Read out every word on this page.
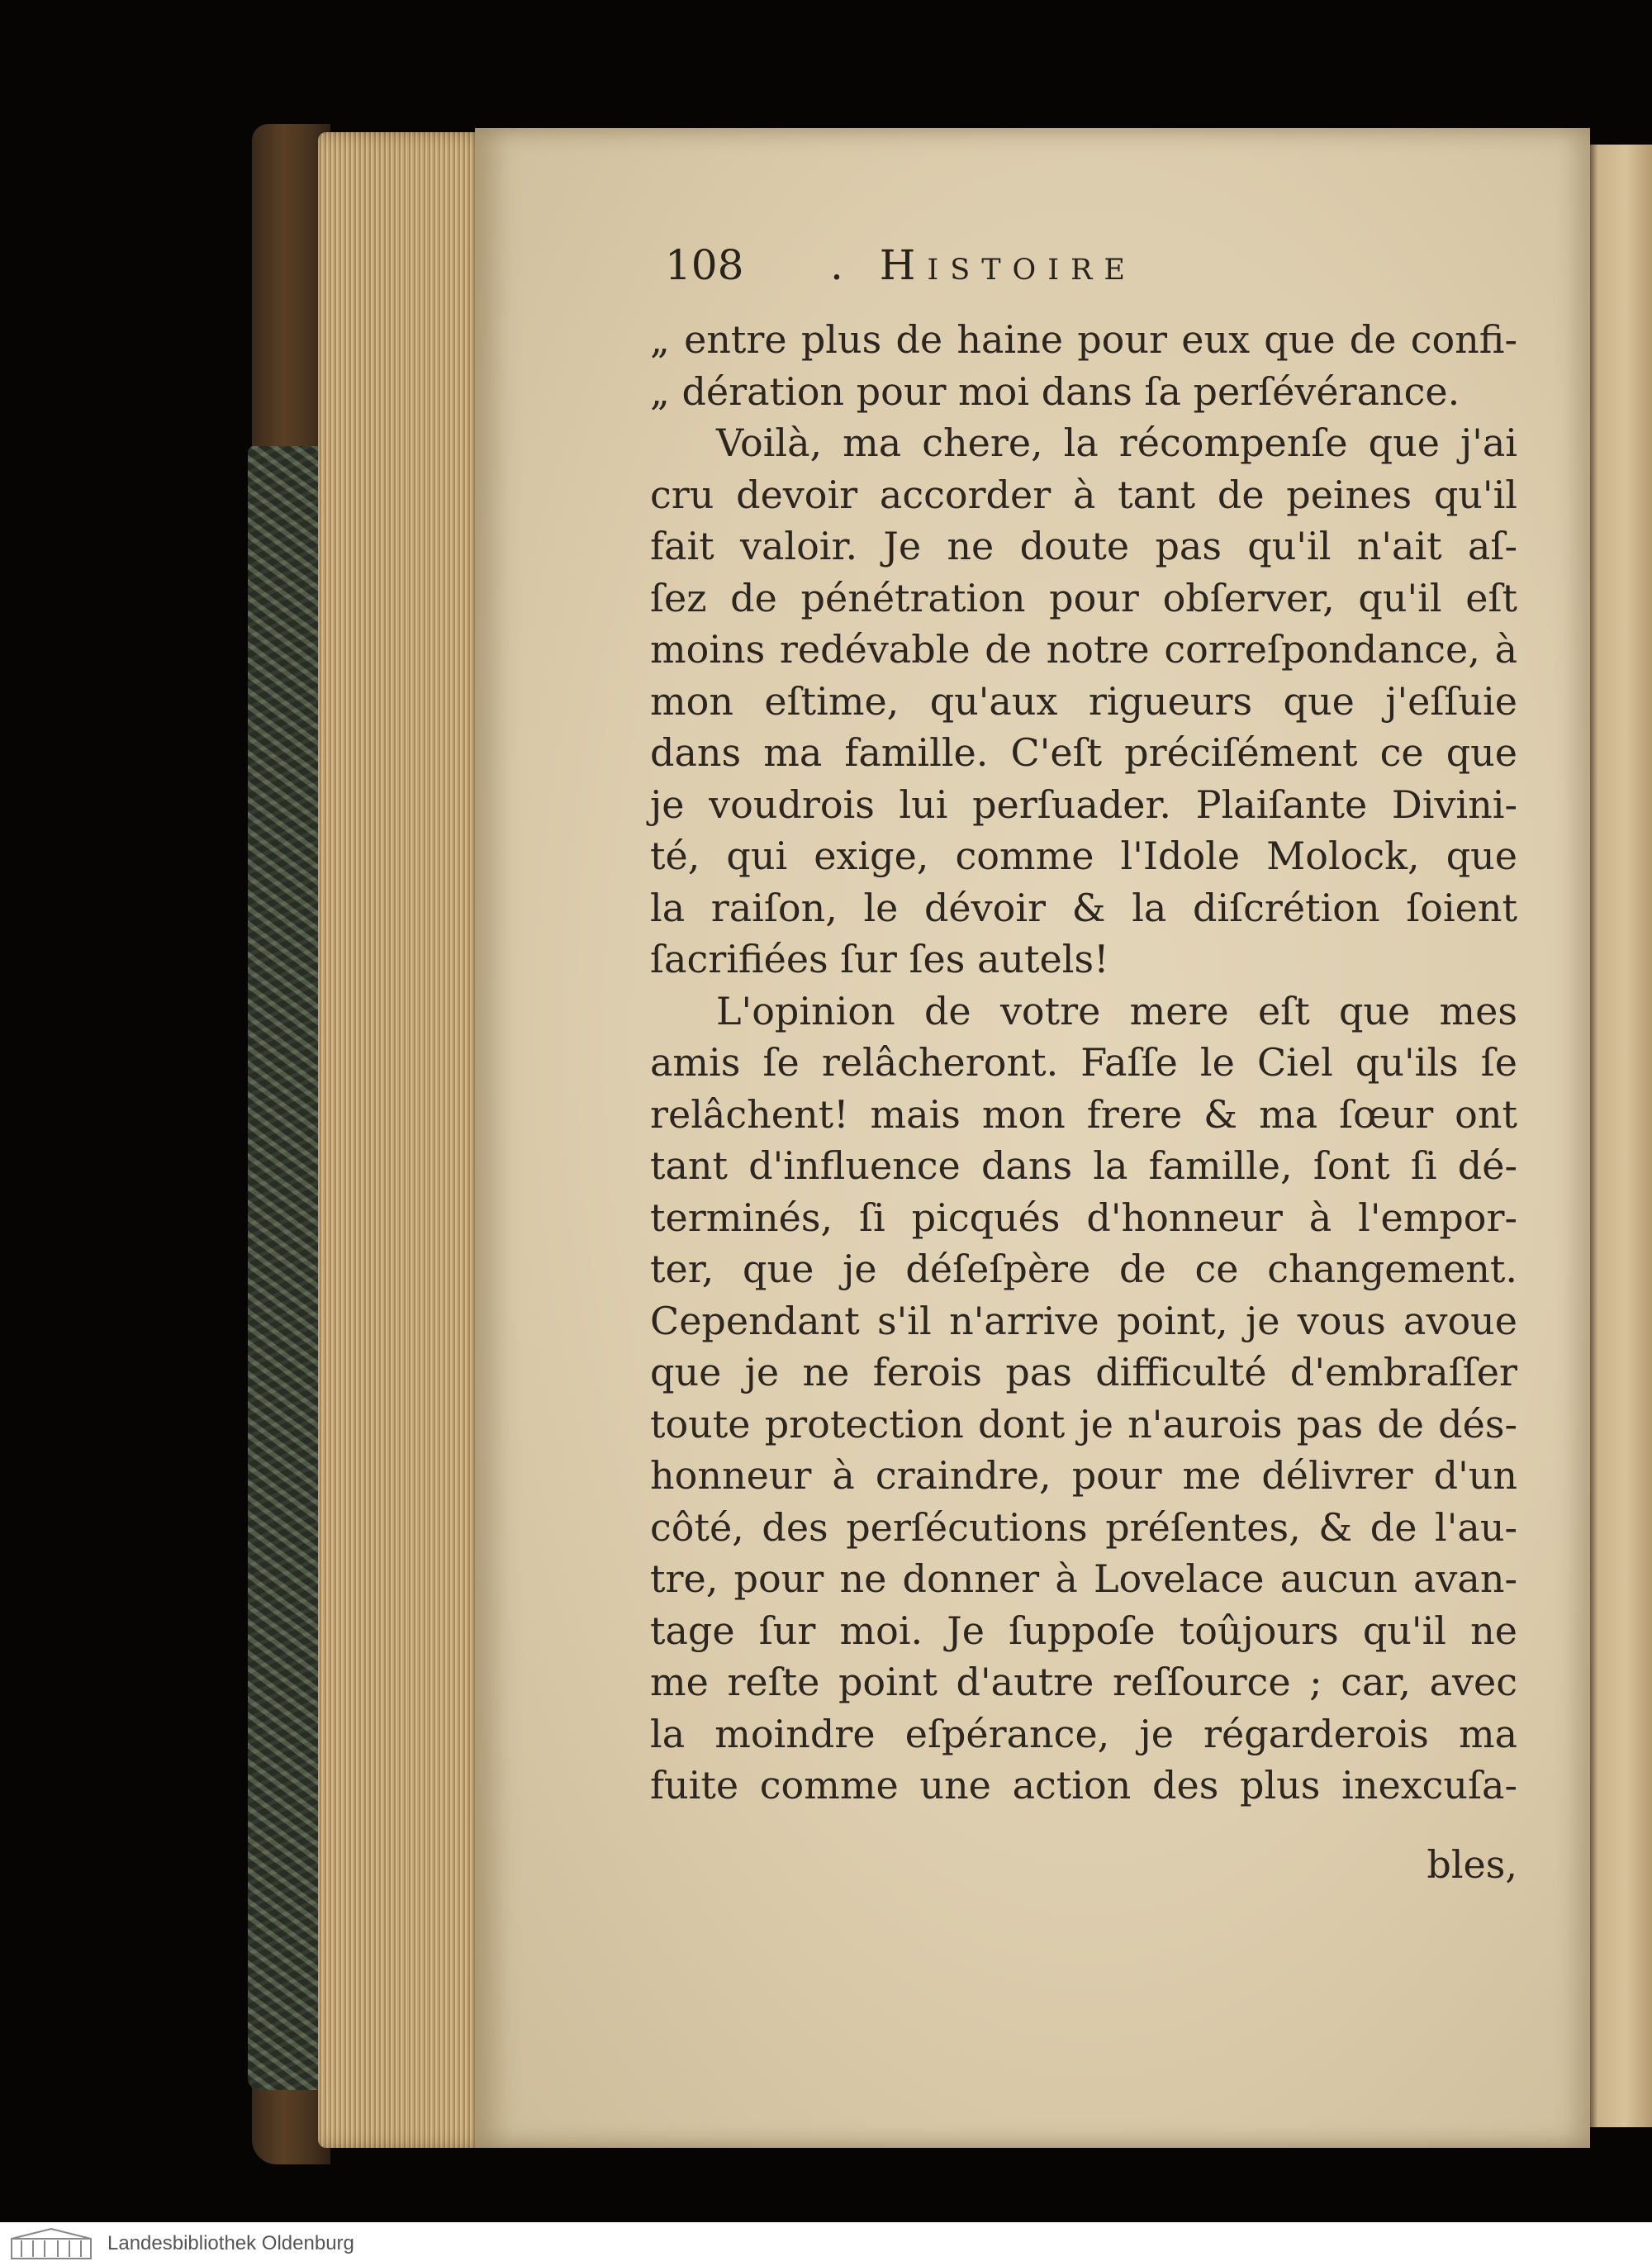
108 . Histoire
„ entre plus de haine pour eux que de confi-
„ dération pour moi dans ſa perſévérance.
Voilà, ma chere, la récompenſe que j'ai
cru devoir accorder à tant de peines qu'il
fait valoir. Je ne doute pas qu'il n'ait aſ-
ſez de pénétration pour obſerver, qu'il eſt
moins redévable de notre correſpondance, à
mon eſtime, qu'aux rigueurs que j'eſſuie
dans ma famille. C'eſt préciſément ce que
je voudrois lui perſuader. Plaiſante Divini-
té, qui exige, comme l'Idole Molock, que
la raiſon, le dévoir & la diſcrétion ſoient
ſacrifiées ſur ſes autels!
L'opinion de votre mere eſt que mes
amis ſe relâcheront. Faſſe le Ciel qu'ils ſe
relâchent! mais mon frere & ma ſœur ont
tant d'influence dans la famille, ſont ſi dé-
terminés, ſi picqués d'honneur à l'empor-
ter, que je déſeſpère de ce changement.
Cependant s'il n'arrive point, je vous avoue
que je ne ferois pas difficulté d'embraſſer
toute protection dont je n'aurois pas de dés-
honneur à craindre, pour me délivrer d'un
côté, des perſécutions préſentes, & de l'au-
tre, pour ne donner à Lovelace aucun avan-
tage ſur moi. Je ſuppoſe toûjours qu'il ne
me reſte point d'autre reſſource ; car, avec
la moindre eſpérance, je régarderois ma
fuite comme une action des plus inexcuſa-
bles,
Landesbibliothek Oldenburg
